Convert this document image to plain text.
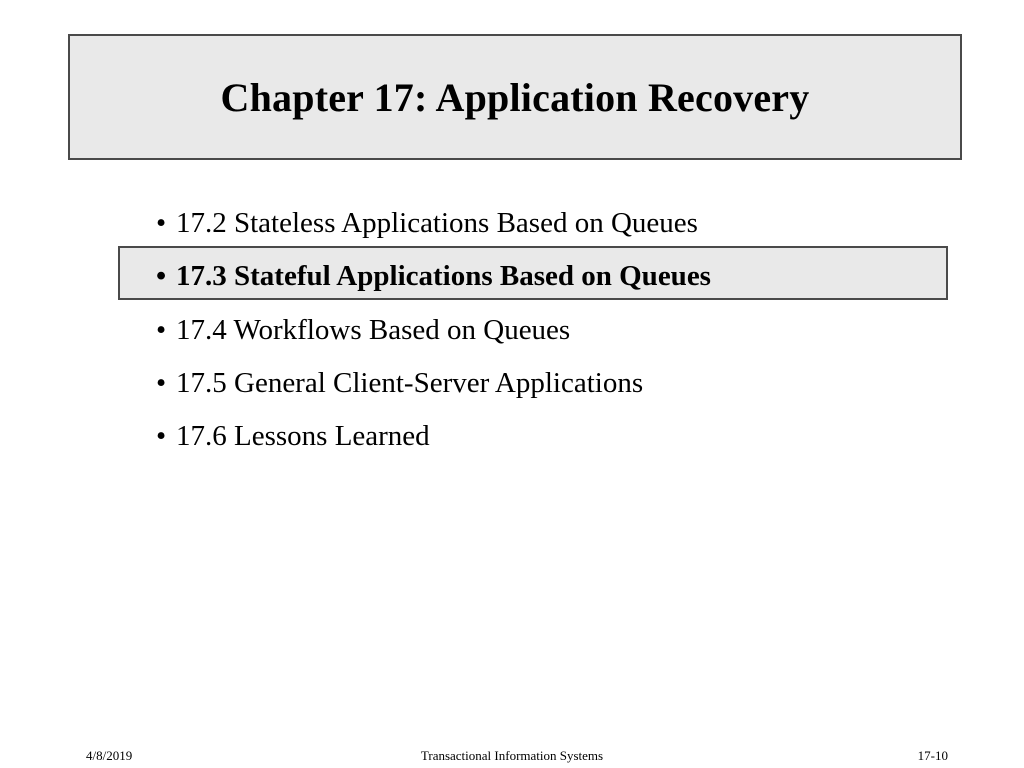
Chapter 17: Application Recovery
• 17.2 Stateless Applications Based on Queues
• 17.3 Stateful Applications Based on Queues
• 17.4 Workflows Based on Queues
• 17.5 General Client-Server Applications
• 17.6 Lessons Learned
4/8/2019	Transactional Information Systems	17-10
